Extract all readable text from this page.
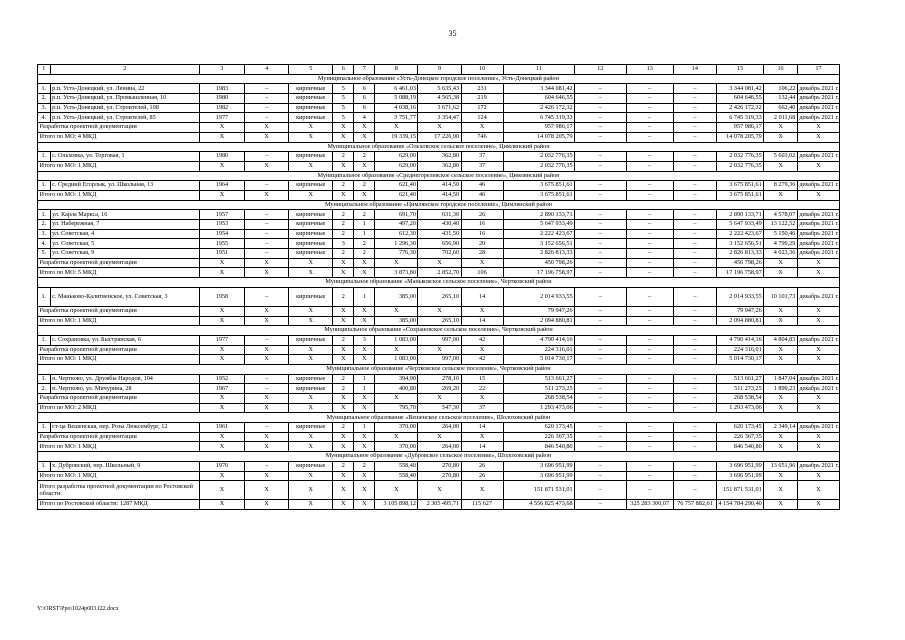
35
1	2	3	4	5	6	7	8	9	10	11	12	13	14	15	16	17
Муниципальное образование «Усть-Донецкое городское поселение», Усть-Донецкий район																
1.	р.п. Усть-Донецкий, ул. Ленина, 22	1983	–	кирпичные	5	6	6 461,03	5 635,43	231	3 344 081,42	–	–	–	3 344 081,42	106,22	декабрь 2021 г.
2.	р.п. Усть-Донецкий, ул. Промышленная, 10	1980	–	кирпичные	5	6	5 088,19	4 565,38	219	604 646,55	–	–	–	604 646,55	132,44	декабрь 2021 г.
3.	р.п. Усть-Донецкий, ул. Строителей, 108	1982	–	кирпичные	5	6	4 038,16	3 671,62	172	2 426 172,32	–	–	–	2 426 172,32	662,40	декабрь 2021 г.
4.	р.п. Усть-Донецкий, ул. Строителей, 85	1977	–	кирпичные	5	4	3 751,77	3 354,47	124	6 745 319,33	–	–	–	6 745 319,33	2 011,68	декабрь 2021 г.
Разработка проектной документации		X	X	X	X	X	X	X	X	957 986,17	–	–	–	957 986,17	X	X
Итого по МО: 4 МКД		X	X	X	X	X	19 339,15	17 226,90	746	14 078 205,79	–	–	–	14 078 205,79	X	X
Муниципальное образование «Ольховское сельское поселение», Цимлянский район																
1.	с. Ольховка, ул. Торговая, 1	1980	–	кирпичные	2	2	629,00	362,80	37	2 032 776,35	–	–	–	2 032 776,35	5 603,02	декабрь 2021 г.
Итого по МО: 1 МКД		X	X	X	X	X	629,00	362,80	37	2 032 776,35	–	–	–	2 032 776,35	X	X
Муниципальное образование «Среднегорелевское сельское поселение», Цимлянский район																
1.	с. Средний Егорлык, ул. Школьная, 13	1964	–	кирпичные	2	2	621,40	414,50	46	3 675 851,61	–	–	–	3 675 851,61	8 279,36	декабрь 2021 г.
Итого по МО: 1 МКД		X	X	X	X	X	621,40	414,50	46	3 675 851,61	–	–	–	3 675 851,61	X	X
Муниципальное образование «Цимлянское городское поселение», Цимлянский район																
1.	ул. Карла Маркса, 16	1957	–	кирпичные	2	2	691,70	631,30	26	2 890 133,71	–	–	–	2 890 133,71	4 578,07	декабрь 2021 г.
2.	ул. Набережная, 7	1953	–	кирпичные	2	1	497,20	430,40	16	5 647 933,49	–	–	–	5 647 933,49	13 122,52	декабрь 2021 г.
3.	ул. Советская, 4	1954	–	кирпичные	2	1	612,30	431,50	16	2 222 423,67	–	–	–	2 222 423,67	5 150,46	декабрь 2021 г.
4.	ул. Советская, 5	1955	–	кирпичные	3	2	1 296,30	656,90	20	3 152 656,51	–	–	–	3 152 656,51	4 799,29	декабрь 2021 г.
5.	ул. Советская, 9	1951	–	кирпичные	2	2	776,30	702,60	28	2 826 813,33	–	–	–	2 826 813,33	4 023,36	декабрь 2021 г.
Разработка проектной документации		X	X	X	X	X	X	X	X	456 798,26	–	–	–	456 798,26	X	X
Итого по МО: 5 МКД		X	X	X	X	X	3 873,80	2 852,70	106	17 196 758,97	–	–	–	17 196 758,97	X	X
Муниципальное образование «Маньковское сельское поселение», Чертковский район																
1.	с. Маньково-Калитвенское, ул. Советская, 3	1958	–	кирпичные	2	1	385,00	265,10	14	2 014 933,55	–	–	–	2 014 933,55	10 101,73	декабрь 2021 г.
Разработка проектной документации		X	X	X	X	X	X	X	X	79 947,26	–	–	–	79 947,26	X	X
Итого по МО: 1 МКД		X	X	X	X	X	385,00	265,10	14	2 094 880,81	–	–	–	2 094 880,81	X	X
Муниципальное образование «Сохрановское сельское поселение», Чертковский район																
1.	с. Сохрановка, ул. Быстрянская, 6	1977	–	кирпичные	2	3	1 083,00	997,00	42	4 790 414,16	–	–	–	4 790 414,16	4 804,83	декабрь 2021 г.
Разработка проектной документации		X	X	X	X	X	X	X	X	224 316,01	–	–	–	224 316,01	X	X
Итого по МО: 1 МКД		X	X	X	X	X	1 083,00	997,00	42	5 014 730,17	–	–	–	5 014 730,17	X	X
Муниципальное образование «Чертковское сельское поселение», Чертковский район																
1.	п. Чертково, ул. Дружбы Народов, 104	1952	–	кирпичные	2	1	394,90	278,10	15	513 661,27	–	–	–	513 661,27	1 847,04	декабрь 2021 г.
2.	п. Чертково, ул. Мичурина, 28	1967	–	кирпичные	2	1	400,80	269,20	22	511 273,25	–	–	–	511 273,25	1 899,23	декабрь 2021 г.
Разработка проектной документации		X	X	X	X	X	X	X	X	268 538,54	–	–	–	268 538,54	X	X
Итого по МО: 2 МКД		X	X	X	X	X	795,70	547,30	37	1 293 473,06	–	–	–	1 293 473,06	X	X
Муниципальное образование «Вешенское сельское поселение», Шолоховский район																
1.	ст-ца Вешенская, пер. Розы Люксембург, 12	1961	–	кирпичные	2	1	370,00	264,00	14	620 173,45	–	–	–	620 173,45	2 349,14	декабрь 2021 г.
Разработка проектной документации		X	X	X	X	X	X	X	X	226 367,35	–	–	–	226 367,35	X	X
Итого по МО: 1 МКД		X	X	X	X	X	370,00	264,00	14	846 540,80	–	–	–	846 540,80	X	X
Муниципальное образование «Дубровское сельское поселение», Шолоховский район																
1.	х. Дубровский, пер. Школьный, 9	1970	–	кирпичные	2	2	558,40	270,80	26	3 696 951,99	–	–	–	3 696 951,99	13 651,96	декабрь 2021 г.
Итого по МО: 1 МКД		X	X	X	X	X	558,40	270,80	26	3 696 951,99	–	–	–	3 696 951,99	X	X
Итого разработка проектной документации по Ростовской области:		X	X	X	X	X	X	X	X	151 871 531,01	–	–	–	151 871 531,01	X	X
Итого по Ростовской области: 1287 МКД		X	X	X	X	X	3 105 898,12	2 305 495,71	115 627	4 556 825 473,68	–	325 283 300,07	76 757 882,61	4 154 784 290,40	X	X
Y:\ORST\Ppo\1024p003.f22.docx
